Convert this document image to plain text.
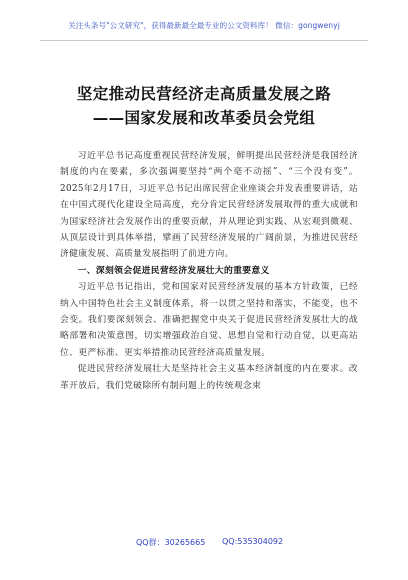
关注头条号"公文研究"，获得最新最全最专业的公文资料库！ 微信：gongwenyj
坚定推动民营经济走高质量发展之路
——国家发展和改革委员会党组

习近平总书记高度重视民营经济发展，鲜明提出民营经济是我国经济制度的内在要素，多次强调要坚持“两个毫不动摇”、“三个没有变”。2025年2月17日，习近平总书记出席民营企业座谈会并发表重要讲话，站在中国式现代化建设全局高度，充分肯定民营经济发展取得的重大成就和为国家经济社会发展作出的重要贡献，并从理论到实践、从宏观到微观、从顶层设计到具体举措，擘画了民营经济发展的广阔前景，为推进民营经济健康发展、高质量发展指明了前进方向。

一、深刻领会促进民营经济发展壮大的重要意义

习近平总书记指出，党和国家对民营经济发展的基本方针政策，已经纳入中国特色社会主义制度体系，将一以贯之坚持和落实，不能变，也不会变。我们要深刻领会、准确把握党中央关于促进民营经济发展壮大的战略部署和决策意图，切实增强政治自觉、思想自觉和行动自觉，以更高站位、更严标准、更实举措推动民营经济高质量发展。

促进民营经济发展壮大是坚持社会主义基本经济制度的内在要求。改革开放后，我们党破除所有制问题上的传统观念束

QQ群：30265665 QQ:535304092
